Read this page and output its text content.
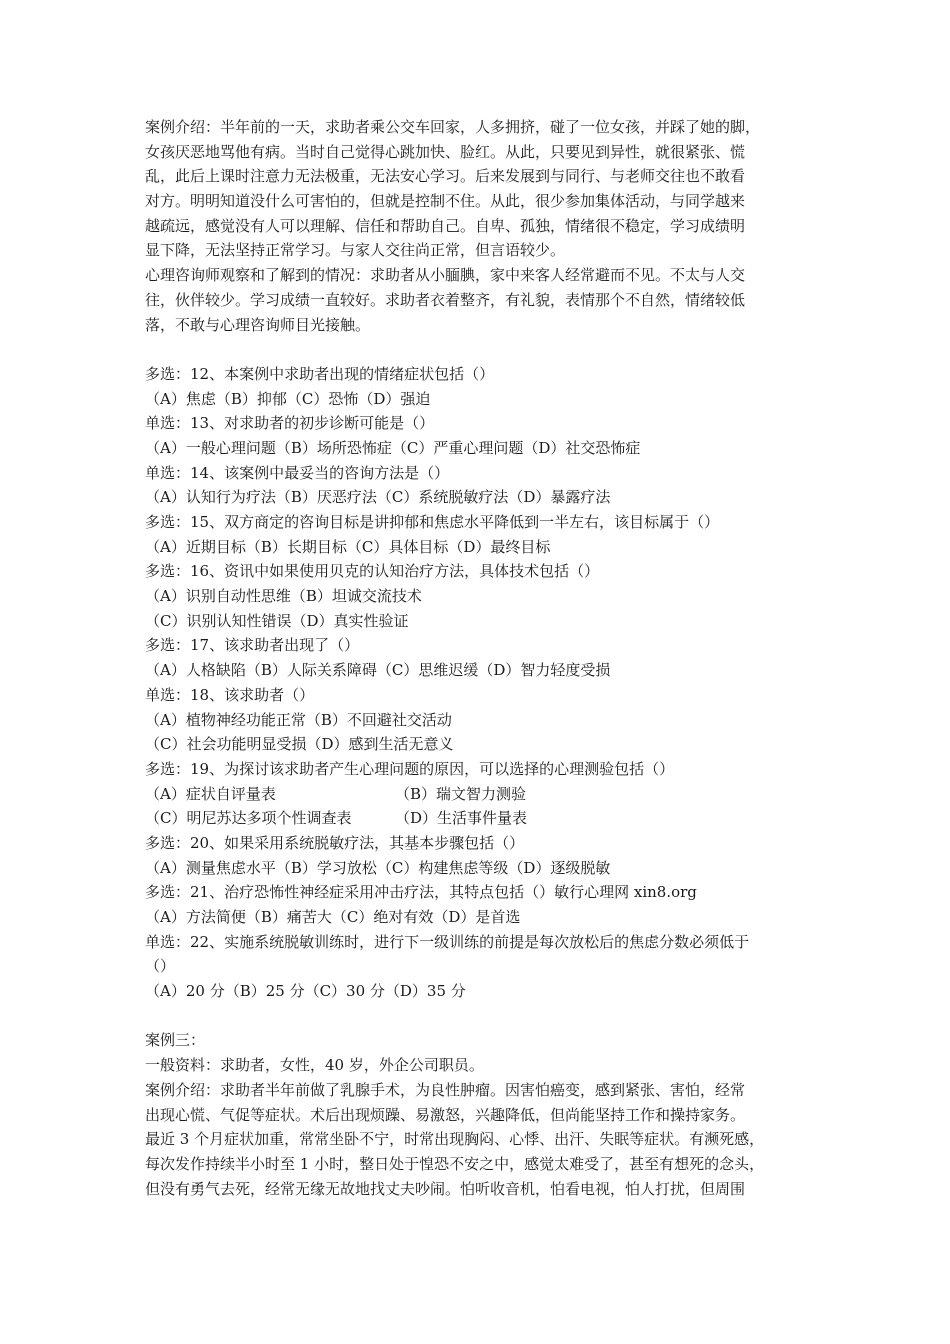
案例介绍：半年前的一天，求助者乘公交车回家，人多拥挤，碰了一位女孩，并踩了她的脚，
女孩厌恶地骂他有病。当时自己觉得心跳加快、脸红。从此，只要见到异性，就很紧张、慌
乱，此后上课时注意力无法极重，无法安心学习。后来发展到与同行、与老师交往也不敢看
对方。明明知道没什么可害怕的，但就是控制不住。从此，很少参加集体活动，与同学越来
越疏远，感觉没有人可以理解、信任和帮助自己。自卑、孤独，情绪很不稳定，学习成绩明
显下降，无法坚持正常学习。与家人交往尚正常，但言语较少。
心理咨询师观察和了解到的情况：求助者从小腼腆，家中来客人经常避而不见。不太与人交
往，伙伴较少。学习成绩一直较好。求助者衣着整齐，有礼貌，表情那个不自然，情绪较低
落，不敢与心理咨询师目光接触。
多选：12、本案例中求助者出现的情绪症状包括（）
（A）焦虑（B）抑郁（C）恐怖（D）强迫
单选：13、对求助者的初步诊断可能是（）
（A）一般心理问题（B）场所恐怖症（C）严重心理问题（D）社交恐怖症
单选：14、该案例中最妥当的咨询方法是（）
（A）认知行为疗法（B）厌恶疗法（C）系统脱敏疗法（D）暴露疗法
多选：15、双方商定的咨询目标是讲抑郁和焦虑水平降低到一半左右，该目标属于（）
（A）近期目标（B）长期目标（C）具体目标（D）最终目标
多选：16、资讯中如果使用贝克的认知治疗方法，具体技术包括（）
（A）识别自动性思维（B）坦诚交流技术
（C）识别认知性错误（D）真实性验证
多选：17、该求助者出现了（）
（A）人格缺陷（B）人际关系障碍（C）思维迟缓（D）智力轻度受损
单选：18、该求助者（）
（A）植物神经功能正常（B）不回避社交活动
（C）社会功能明显受损（D）感到生活无意义
多选：19、为探讨该求助者产生心理问题的原因，可以选择的心理测验包括（）
（A）症状自评量表	（B）瑞文智力测验
（C）明尼苏达多项个性调查表	（D）生活事件量表
多选：20、如果采用系统脱敏疗法，其基本步骤包括（）
（A）测量焦虑水平（B）学习放松（C）构建焦虑等级（D）逐级脱敏
多选：21、治疗恐怖性神经症采用冲击疗法，其特点包括（）敏行心理网 xin8.org
（A）方法简便（B）痛苦大（C）绝对有效（D）是首选
单选：22、实施系统脱敏训练时，进行下一级训练的前提是每次放松后的焦虑分数必须低于
（）
（A）20 分（B）25 分（C）30 分（D）35 分
案例三：
一般资料：求助者，女性，40 岁，外企公司职员。
案例介绍：求助者半年前做了乳腺手术，为良性肿瘤。因害怕癌变，感到紧张、害怕，经常
出现心慌、气促等症状。术后出现烦躁、易激怒，兴趣降低，但尚能坚持工作和操持家务。
最近 3 个月症状加重，常常坐卧不宁，时常出现胸闷、心悸、出汗、失眠等症状。有濒死感，
每次发作持续半小时至 1 小时，整日处于惶恐不安之中，感觉太难受了，甚至有想死的念头，
但没有勇气去死，经常无缘无故地找丈夫吵闹。怕听收音机，怕看电视，怕人打扰，但周围
